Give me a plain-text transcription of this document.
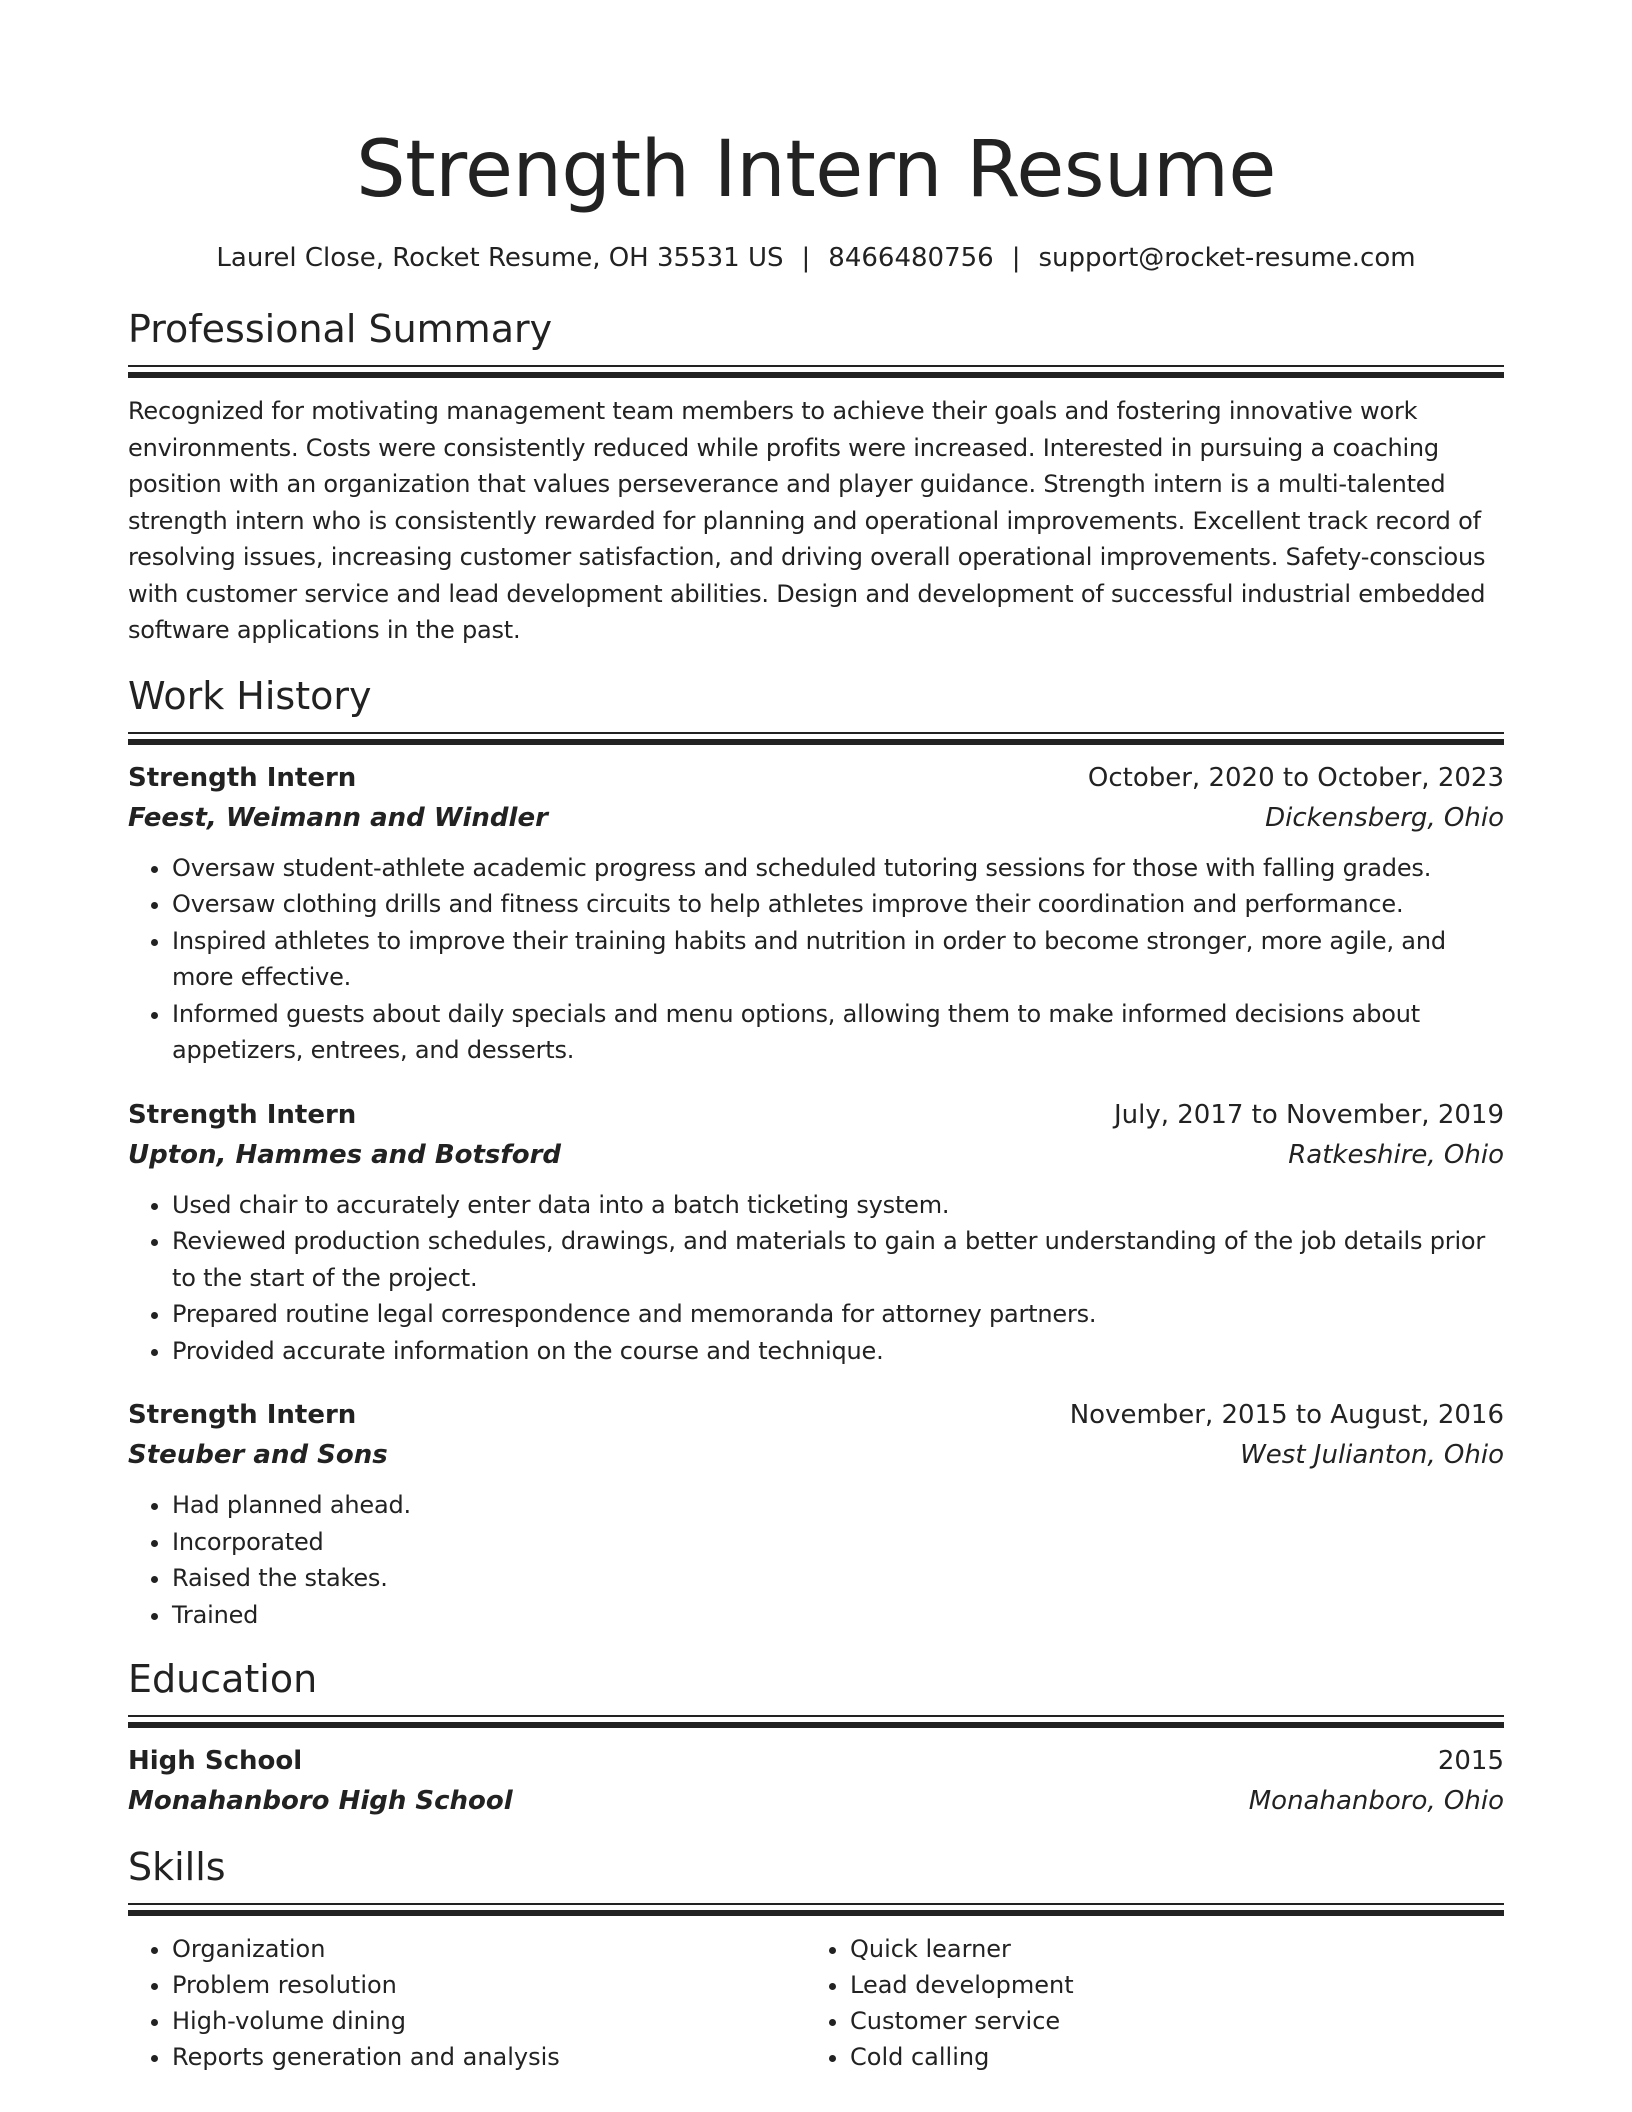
Strength Intern Resume
Laurel Close, Rocket Resume, OH 35531 US | 8466480756 | support@rocket-resume.com
Professional Summary

Recognized for motivating management team members to achieve their goals and fostering innovative work environments. Costs were consistently reduced while profits were increased. Interested in pursuing a coaching position with an organization that values perseverance and player guidance. Strength intern is a multi-talented strength intern who is consistently rewarded for planning and operational improvements. Excellent track record of resolving issues, increasing customer satisfaction, and driving overall operational improvements. Safety-conscious with customer service and lead development abilities. Design and development of successful industrial embedded software applications in the past.

Work History
Strength Intern	October, 2020 to October, 2023
Feest, Weimann and Windler	Dickensberg, Ohio
• Oversaw student-athlete academic progress and scheduled tutoring sessions for those with falling grades.
• Oversaw clothing drills and fitness circuits to help athletes improve their coordination and performance.
• Inspired athletes to improve their training habits and nutrition in order to become stronger, more agile, and more effective.
• Informed guests about daily specials and menu options, allowing them to make informed decisions about appetizers, entrees, and desserts.
Strength Intern	July, 2017 to November, 2019
Upton, Hammes and Botsford	Ratkeshire, Ohio
• Used chair to accurately enter data into a batch ticketing system.
• Reviewed production schedules, drawings, and materials to gain a better understanding of the job details prior to the start of the project.
• Prepared routine legal correspondence and memoranda for attorney partners.
• Provided accurate information on the course and technique.
Strength Intern	November, 2015 to August, 2016
Steuber and Sons	West Julianton, Ohio
• Had planned ahead.
• Incorporated
• Raised the stakes.
• Trained
Education
High School	2015
Monahanboro High School	Monahanboro, Ohio
Skills
• Organization
• Problem resolution
• High-volume dining
• Reports generation and analysis
• Quick learner
• Lead development
• Customer service
• Cold calling
